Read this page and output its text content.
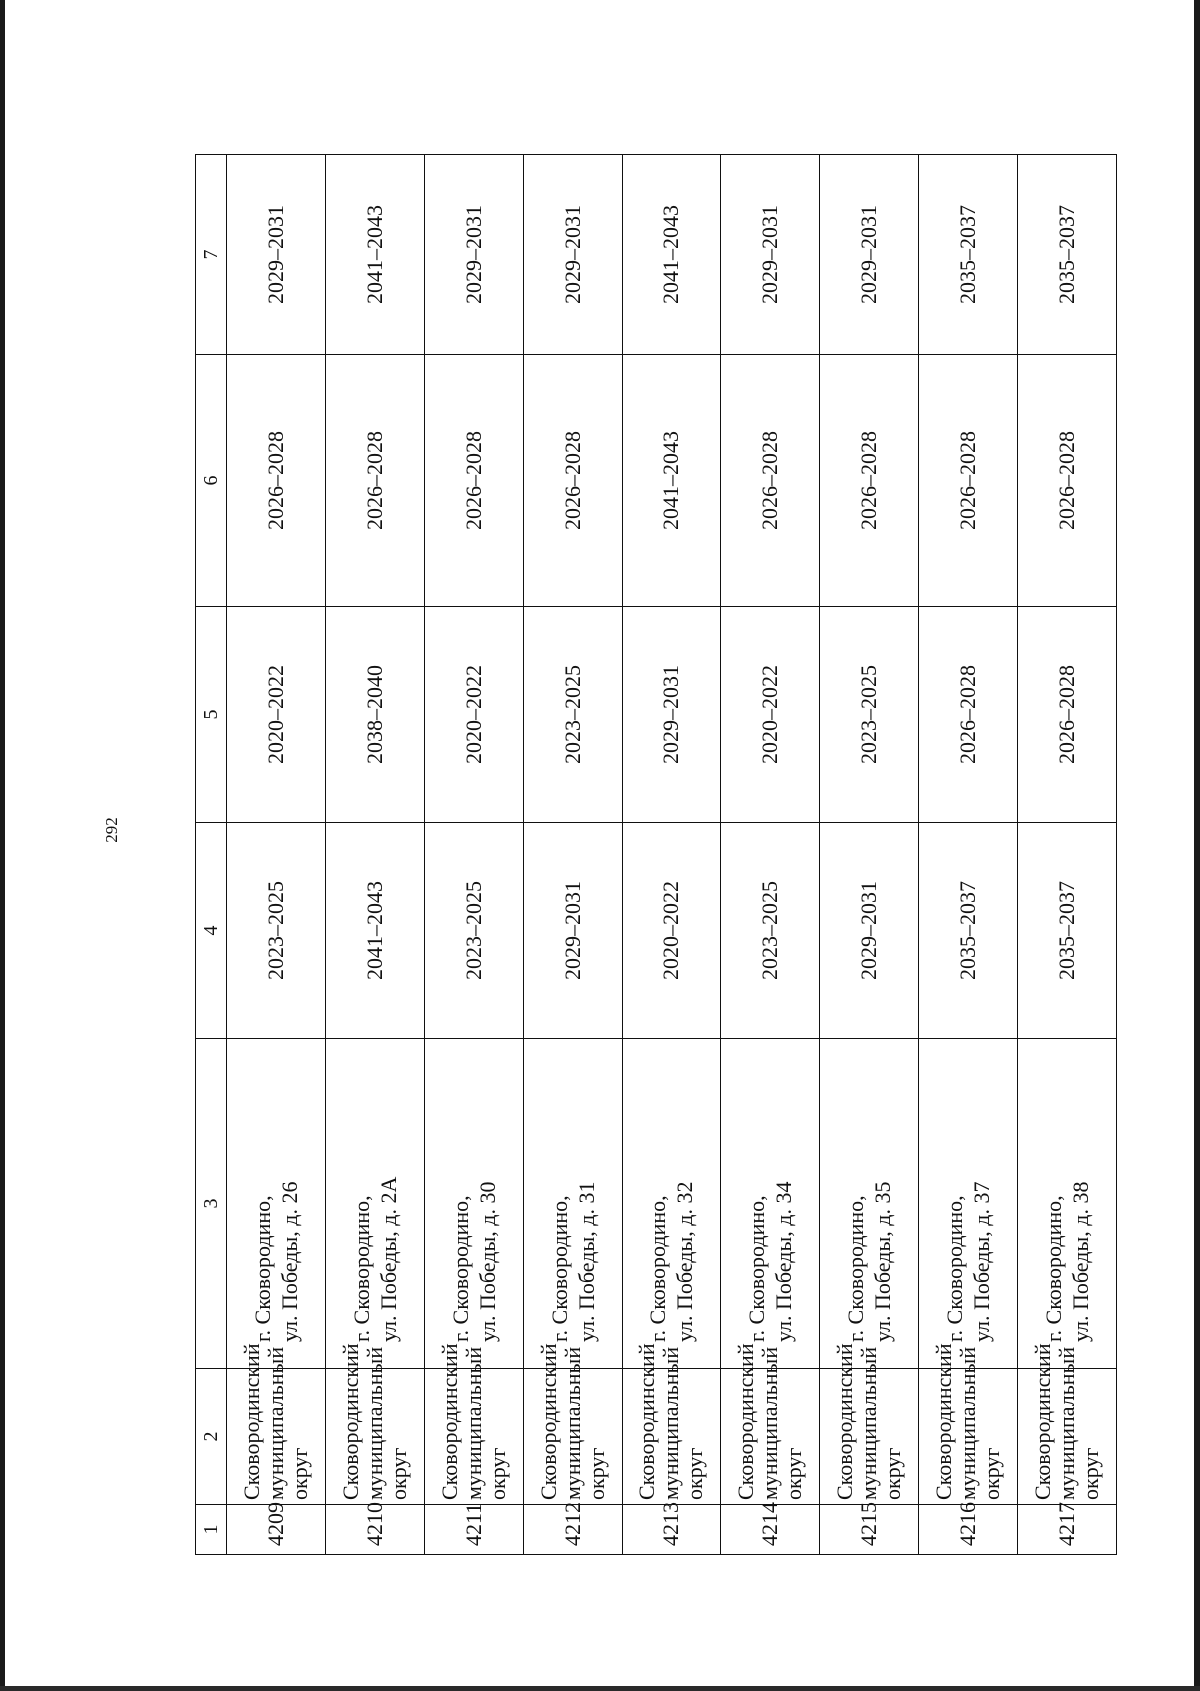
292
1	2	3	4	5	6	7
4209	Сковородинский муниципальный округ	г. Сковородино, ул. Победы, д. 26	2023–2025	2020–2022	2026–2028	2029–2031
4210	Сковородинский муниципальный округ	г. Сковородино, ул. Победы, д. 2А	2041–2043	2038–2040	2026–2028	2041–2043
4211	Сковородинский муниципальный округ	г. Сковородино, ул. Победы, д. 30	2023–2025	2020–2022	2026–2028	2029–2031
4212	Сковородинский муниципальный округ	г. Сковородино, ул. Победы, д. 31	2029–2031	2023–2025	2026–2028	2029–2031
4213	Сковородинский муниципальный округ	г. Сковородино, ул. Победы, д. 32	2020–2022	2029–2031	2041–2043	2041–2043
4214	Сковородинский муниципальный округ	г. Сковородино, ул. Победы, д. 34	2023–2025	2020–2022	2026–2028	2029–2031
4215	Сковородинский муниципальный округ	г. Сковородино, ул. Победы, д. 35	2029–2031	2023–2025	2026–2028	2029–2031
4216	Сковородинский муниципальный округ	г. Сковородино, ул. Победы, д. 37	2035–2037	2026–2028	2026–2028	2035–2037
4217	Сковородинский муниципальный округ	г. Сковородино, ул. Победы, д. 38	2035–2037	2026–2028	2026–2028	2035–2037
